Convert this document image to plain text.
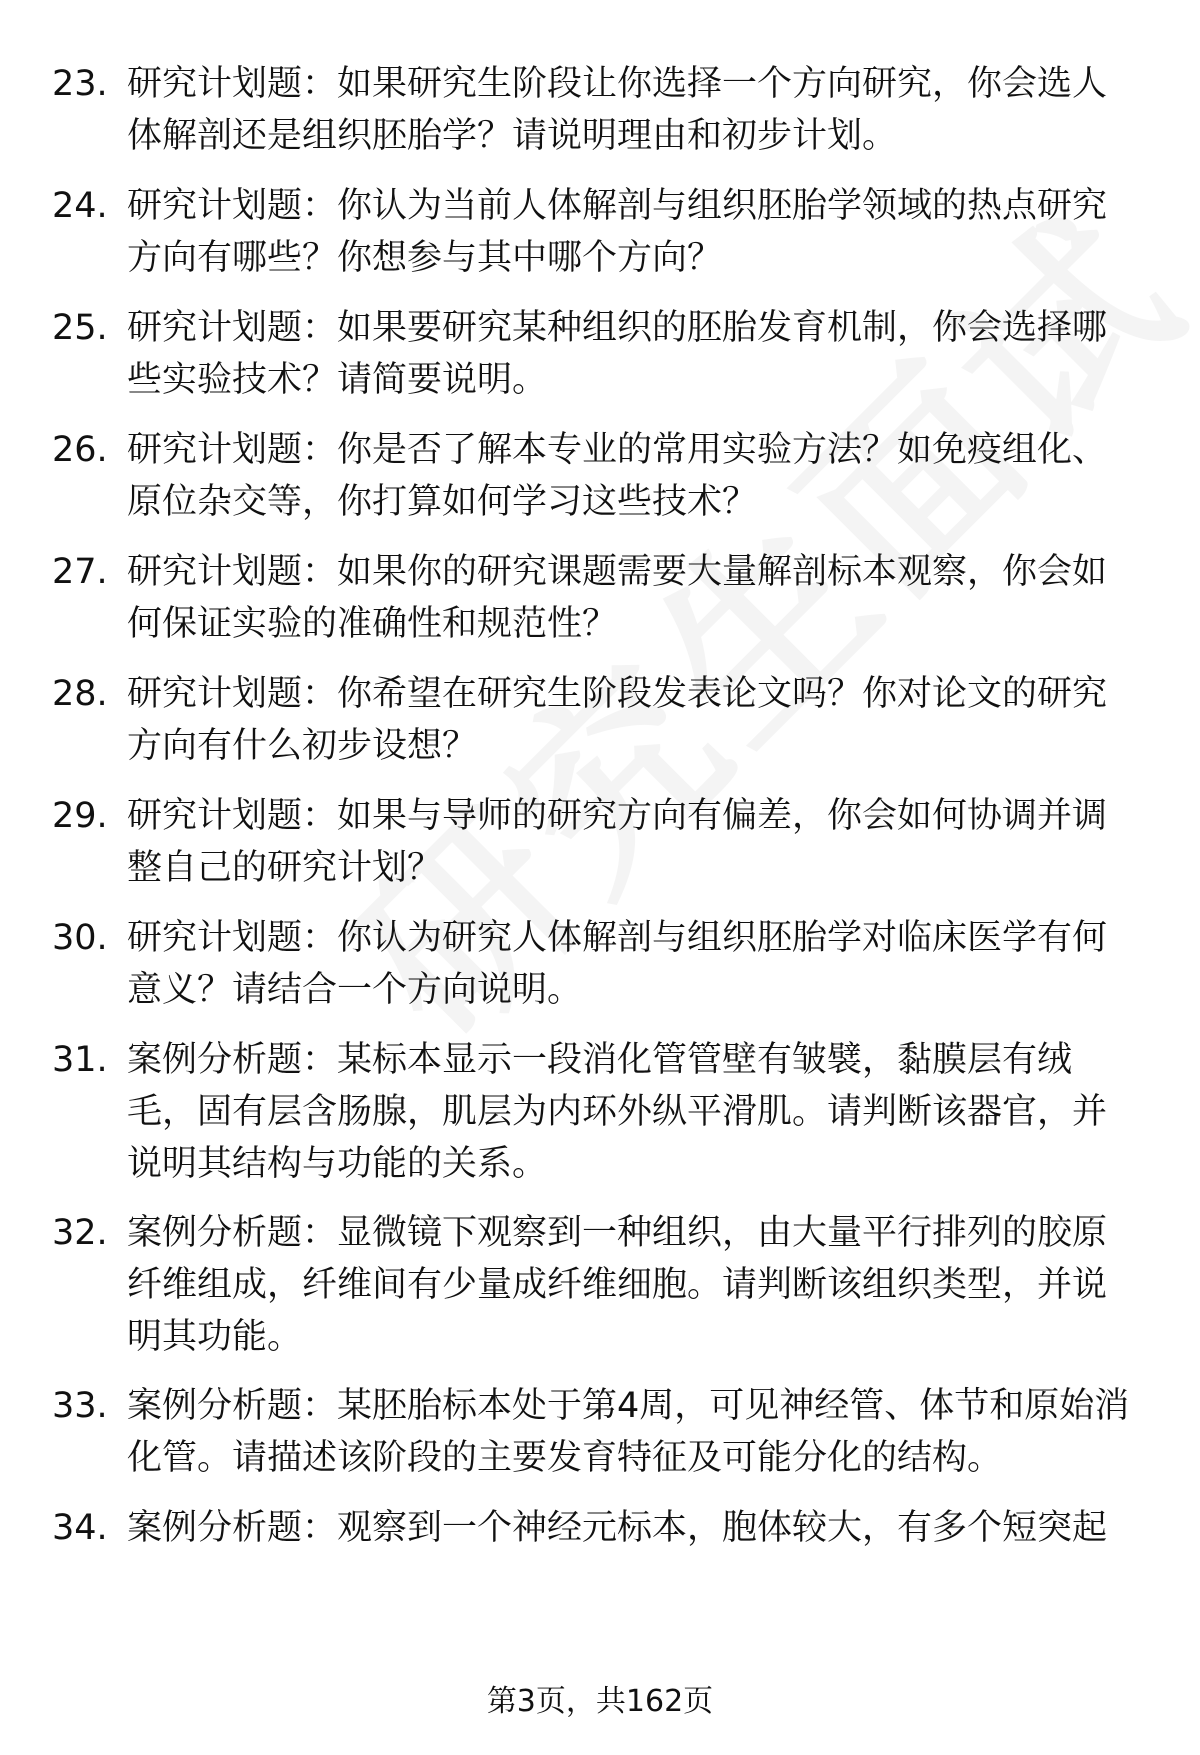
23. 研究计划题：如果研究生阶段让你选择一个方向研究，你会选人
体解剖还是组织胚胎学？请说明理由和初步计划。
24. 研究计划题：你认为当前人体解剖与组织胚胎学领域的热点研究
方向有哪些？你想参与其中哪个方向？
25. 研究计划题：如果要研究某种组织的胚胎发育机制，你会选择哪
些实验技术？请简要说明。
26. 研究计划题：你是否了解本专业的常用实验方法？如免疫组化、
原位杂交等，你打算如何学习这些技术？
27. 研究计划题：如果你的研究课题需要大量解剖标本观察，你会如
何保证实验的准确性和规范性？
28. 研究计划题：你希望在研究生阶段发表论文吗？你对论文的研究
方向有什么初步设想？
29. 研究计划题：如果与导师的研究方向有偏差，你会如何协调并调
整自己的研究计划？
30. 研究计划题：你认为研究人体解剖与组织胚胎学对临床医学有何
意义？请结合一个方向说明。
31. 案例分析题：某标本显示一段消化管管壁有皱襞，黏膜层有绒
毛，固有层含肠腺，肌层为内环外纵平滑肌。请判断该器官，并
说明其结构与功能的关系。
32. 案例分析题：显微镜下观察到一种组织，由大量平行排列的胶原
纤维组成，纤维间有少量成纤维细胞。请判断该组织类型，并说
明其功能。
33. 案例分析题：某胚胎标本处于第4周，可见神经管、体节和原始消
化管。请描述该阶段的主要发育特征及可能分化的结构。
34. 案例分析题：观察到一个神经元标本，胞体较大，有多个短突起
第3页，共162页
